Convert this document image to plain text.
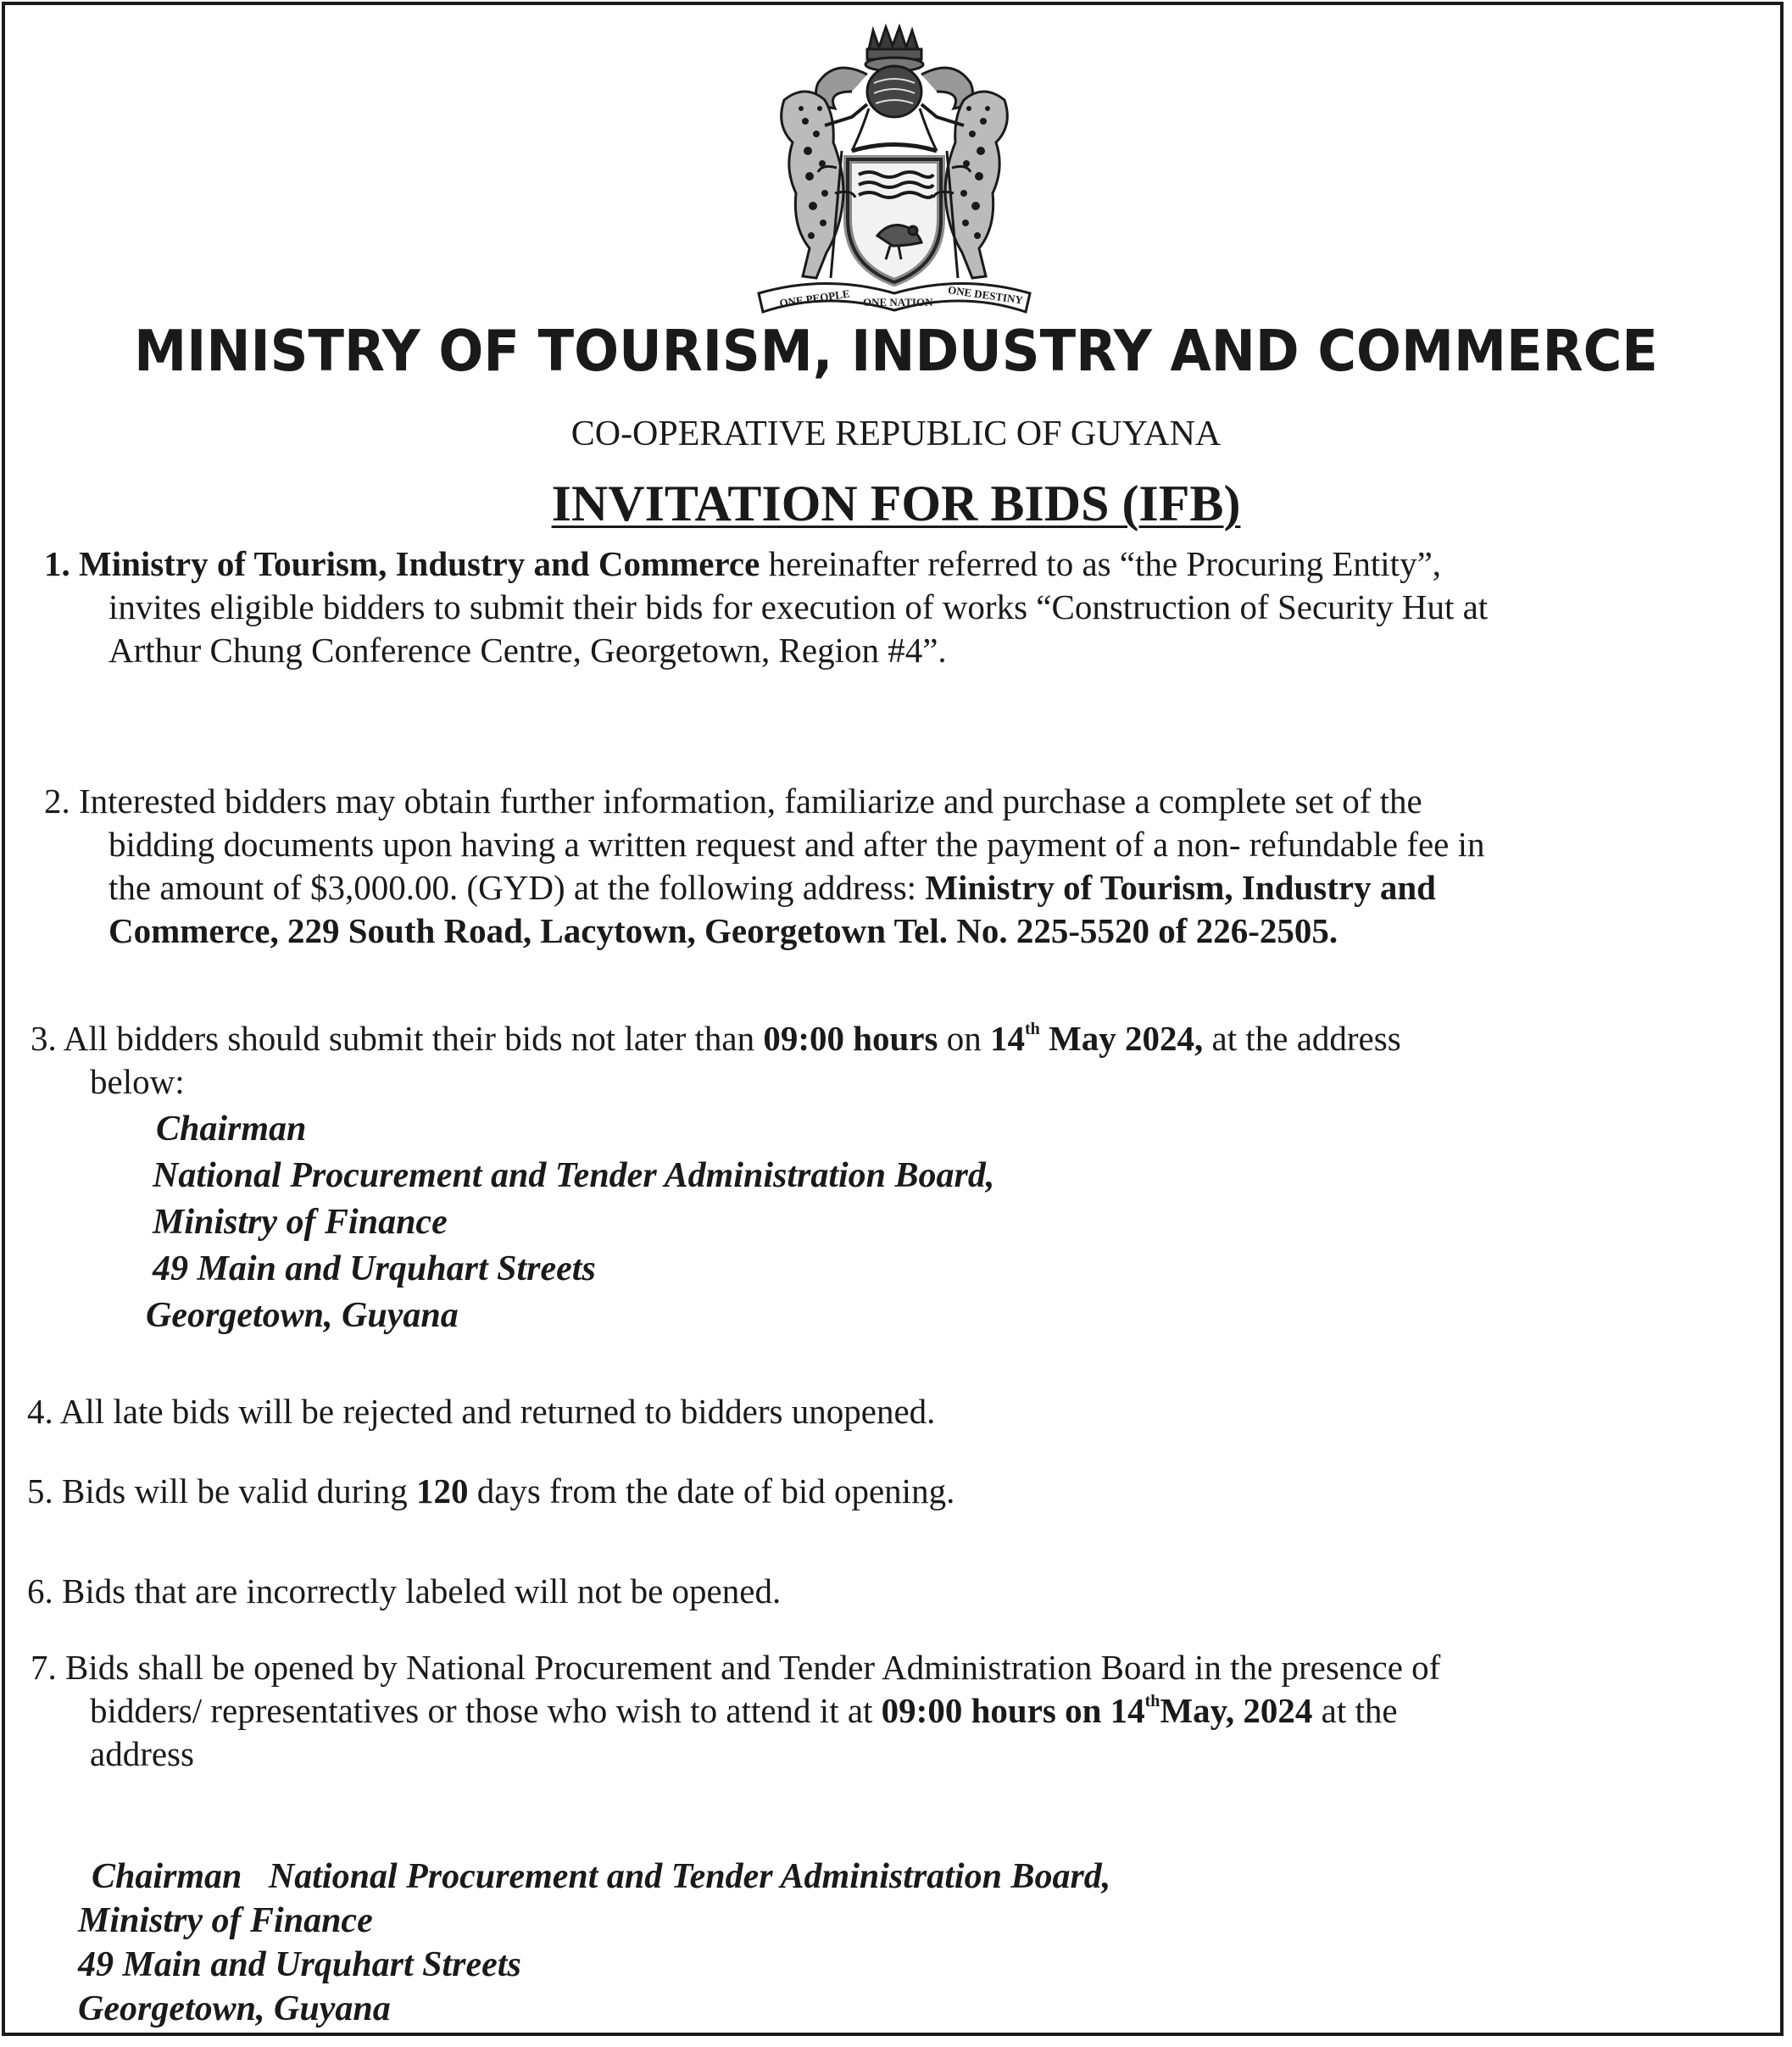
ONE PEOPLE ONE NATION ONE DESTINY
MINISTRY OF TOURISM, INDUSTRY AND COMMERCE
CO-OPERATIVE REPUBLIC OF GUYANA
INVITATION FOR BIDS (IFB)
1. Ministry of Tourism, Industry and Commerce hereinafter referred to as “the Procuring Entity”,
invites eligible bidders to submit their bids for execution of works “Construction of Security Hut at
Arthur Chung Conference Centre, Georgetown, Region #4”.
2. Interested bidders may obtain further information, familiarize and purchase a complete set of the
bidding documents upon having a written request and after the payment of a non- refundable fee in
the amount of $3,000.00. (GYD) at the following address: Ministry of Tourism, Industry and
Commerce, 229 South Road, Lacytown, Georgetown Tel. No. 225-5520 of 226-2505.
3. All bidders should submit their bids not later than 09:00 hours on 14th May 2024, at the address
below:
Chairman
National Procurement and Tender Administration Board,
Ministry of Finance
49 Main and Urquhart Streets
Georgetown, Guyana
4. All late bids will be rejected and returned to bidders unopened.
5. Bids will be valid during 120 days from the date of bid opening.
6. Bids that are incorrectly labeled will not be opened.
7. Bids shall be opened by National Procurement and Tender Administration Board in the presence of
bidders/ representatives or those who wish to attend it at 09:00 hours on 14thMay, 2024 at the
address
Chairman   National Procurement and Tender Administration Board,
Ministry of Finance
49 Main and Urquhart Streets
Georgetown, Guyana
